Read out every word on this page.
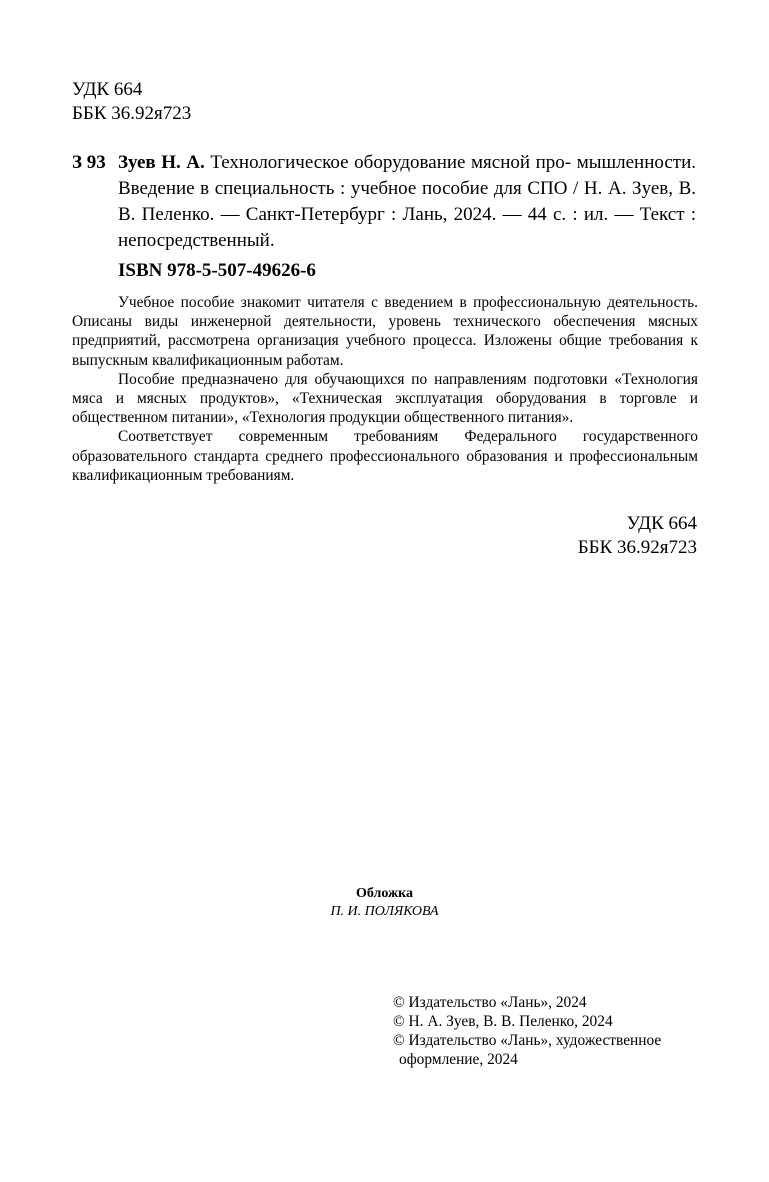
УДК 664
ББК 36.92я723
З 93 Зуев Н. А. Технологическое оборудование мясной про- мышленности. Введение в специальность : учебное пособие для СПО / Н. А. Зуев, В. В. Пеленко. — Санкт-Петербург : Лань, 2024. — 44 с. : ил. — Текст : непосредственный.
ISBN 978-5-507-49626-6

Учебное пособие знакомит читателя с введением в профессиональную деятельность. Описаны виды инженерной деятельности, уровень технического обеспечения мясных предприятий, рассмотрена организация учебного процесса. Изложены общие требования к выпускным квалификационным работам.

Пособие предназначено для обучающихся по направлениям подготовки «Технология мяса и мясных продуктов», «Техническая эксплуатация оборудования в торговле и общественном питании», «Технология продукции общественного питания».

Соответствует современным требованиям Федерального государственного образовательного стандарта среднего профессионального образования и профессиональным квалификационным требованиям.

УДК 664
ББК 36.92я723
Обложка
П. И. ПОЛЯКОВА
© Издательство «Лань», 2024
© Н. А. Зуев, В. В. Пеленко, 2024
© Издательство «Лань», художественное
оформление, 2024
